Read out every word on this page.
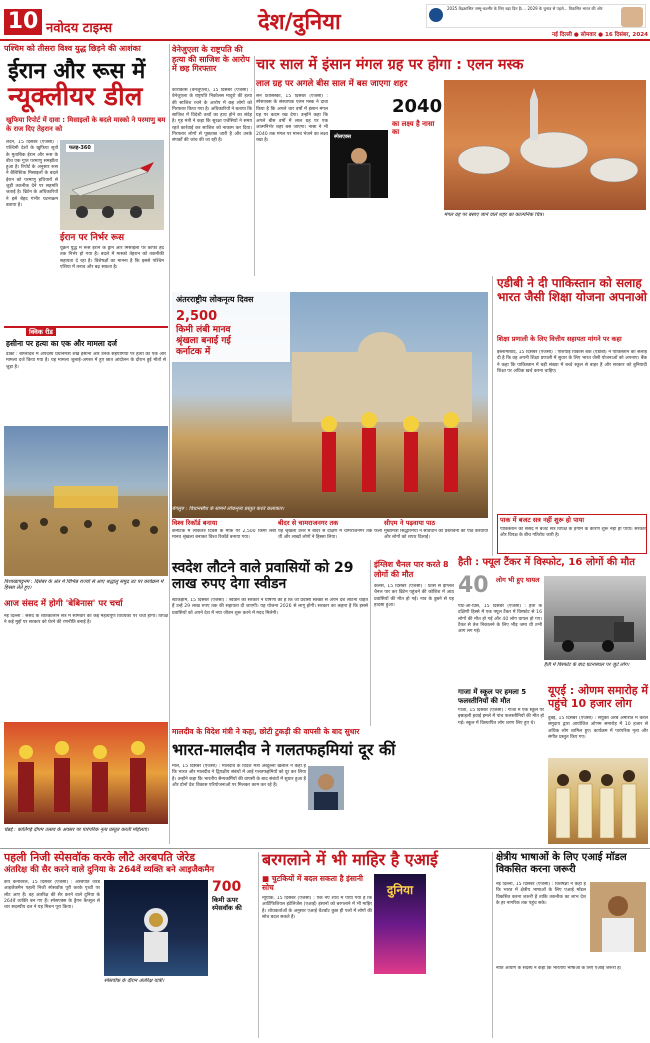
10 नवोदय टाइम्स	देश/दुनिया
2025 केंद्रशासित जम्मू-कश्मीर के लिए बड़ा दिन है।... 2029 के चुनाव से पहले... विकसित भारत की ओर
नई दिल्ली ● सोमवार ● 16 दिसंबर, 2024
पश्चिम को तीसरा विश्व युद्ध छिड़ने की आशंका
ईरान और रूस में
न्यूक्लीयर डील
खुफिया रिपोर्ट में दावा : मिसाइलों के बदले मास्को ने परमाणु बम के राज दिए तेहरान को
लंदन, 15 दिसंबर (एजेंसी) : पश्चिमी देशों के खुफिया सूत्रों के मुताबिक ईरान और रूस के बीच एक गुप्त परमाणु समझौता हुआ है। रिपोर्ट के अनुसार रूस ने बैलिस्टिक मिसाइलों के बदले ईरान को परमाणु हथियारों से जुड़ी तकनीक देने पर सहमति जताई है। ब्रिटेन के अधिकारियों ने इसे बेहद गंभीर घटनाक्रम बताया है।
फतह-360
ईरान पर निर्भर रूस
यूक्रेन युद्ध में रूस ईरान के ड्रोन और मिसाइलों पर काफी हद तक निर्भर हो गया है। बदले में मास्को तेहरान को तकनीकी सहायता दे रहा है। विशेषज्ञों का मानना है कि इससे पश्चिम एशिया में तनाव और बढ़ सकता है।
क्विक रीड
हसीना पर हत्या का एक और मामला दर्ज
ढाका : बांग्लादेश में अपदस्थ प्रधानमंत्री शेख हसीना और उनके सहयोगियों पर हत्या का एक और मामला दर्ज किया गया है। यह मामला जुलाई-अगस्त में हुए छात्र आंदोलन के दौरान हुई मौतों से जुड़ा है।
विशाखापट्टनम : दिसंबर के अंत में विभिन्न राज्यों से आए श्रद्धालु समुद्र तट पर कार्यक्रम में हिस्सा लेते हुए।
आज संसद में होगी 'बेबिनास' पर चर्चा
नई दिल्ली : संसद के शीतकालीन सत्र में सोमवार को कई महत्वपूर्ण विधेयकों पर चर्चा होगी। विपक्ष ने कई मुद्दों पर सरकार को घेरने की रणनीति बनाई है।
चेन्नई : कार्तिगई दीपम उत्सव के अवसर पर पारंपरिक नृत्य प्रस्तुत करती महिलाएं।
वेनेजुएला के राष्ट्रपति की हत्या की साजिश के आरोप में छह गिरफ्तार
काराकास (वेनेजुएला), 15 दिसंबर (एजेंसी) : वेनेजुएला के राष्ट्रपति निकोलस मादुरो की हत्या की साजिश रचने के आरोप में छह लोगों को गिरफ्तार किया गया है। अधिकारियों ने बताया कि साजिश में विदेशी तत्वों का हाथ होने का संदेह है। गृह मंत्री ने कहा कि सुरक्षा एजेंसियों ने समय रहते कार्रवाई कर साजिश को नाकाम कर दिया। गिरफ्तार लोगों से पूछताछ जारी है और उनके संपर्कों की जांच की जा रही है।
चार साल में इंसान मंगल ग्रह पर होगा : एलन मस्क
लाल ग्रह पर अगले बीस साल में बस जाएगा शहर
सैन फ्रांसिस्को, 15 दिसंबर (एजेंसी) : स्पेसएक्स के संस्थापक एलन मस्क ने दावा किया है कि अगले चार वर्षों में इंसान मंगल ग्रह पर कदम रख देगा। उन्होंने कहा कि अगले बीस वर्षों में लाल ग्रह पर एक आत्मनिर्भर शहर बस जाएगा। नासा ने भी 2040 तक मंगल पर मानव भेजने का लक्ष्य रखा है।
स्पेसएक्स
2040
का लक्ष्य है नासा का
मंगल ग्रह पर बसाए जाने वाले शहर का काल्पनिक चित्र।
अंतरराष्ट्रीय लोकनृत्य दिवस
2,500
किमी लंबी मानव
श्रृंखला बनाई गई
कर्नाटक में
बेंगलुरु : विधानसौध के सामने लोकनृत्य प्रस्तुत करते कलाकार।
विश्व रिकॉर्ड बनाया
कर्नाटक में लोकतंत्र दिवस के मौके पर 2,500 किमी लंबी मानव श्रृंखला बनाकर विश्व रिकॉर्ड बनाया गया।
बीदर से चामराजनगर तक
यह श्रृंखला उत्तर में बीदर से दक्षिण में चामराजनगर तक फैली थी और लाखों लोगों ने हिस्सा लिया।
सीएम ने पढ़वाया पाठ
मुख्यमंत्री सिद्धारमैया ने संविधान की प्रस्तावना का पाठ करवाया और लोगों को शपथ दिलाई।
एडीबी ने दी पाकिस्तान को सलाह भारत जैसी शिक्षा योजना अपनाओ
शिक्षा प्रणाली के लिए वित्तीय सहायता मांगने पर कहा
इस्लामाबाद, 15 दिसंबर (एजेंसी) : एशियाई विकास बैंक (एडीबी) ने पाकिस्तान को सलाह दी है कि वह अपनी शिक्षा प्रणाली में सुधार के लिए भारत जैसी योजनाओं को अपनाए। बैंक ने कहा कि पाकिस्तान में बड़ी संख्या में बच्चे स्कूल से बाहर हैं और सरकार को बुनियादी शिक्षा पर अधिक खर्च करना चाहिए।
पाक में बजट सत्र नहीं शुरू हो पाया
पाकिस्तान की संसद में बजट सत्र विपक्ष के हंगामे के कारण शुरू नहीं हो पाया। सरकार और विपक्ष के बीच गतिरोध जारी है।
स्वदेश लौटने वाले प्रवासियों को 29 लाख रुपए देगा स्वीडन
स्टॉकहोम, 15 दिसंबर (एजेंसी) : स्वीडन की सरकार ने घोषणा की है कि जो प्रवासी स्वेच्छा से अपने देश लौटना चाहते हैं उन्हें 29 लाख रुपए तक की सहायता दी जाएगी। यह योजना 2026 से लागू होगी। सरकार का कहना है कि इससे प्रवासियों को अपने देश में नया जीवन शुरू करने में मदद मिलेगी।
इंग्लिश चैनल पार करते 8 लोगों की मौत
कैलेस, 15 दिसंबर (एजेंसी) : फ्रांस से इंग्लिश चैनल पार कर ब्रिटेन पहुंचने की कोशिश में आठ प्रवासियों की मौत हो गई। नाव के डूबने से यह हादसा हुआ।
हैती : फ्यूल टैंकर में विस्फोट, 16 लोगों की मौत
40	लोग भी हुए घायल
पोर्ट-ओ-प्रिंस, 15 दिसंबर (एजेंसी) : हैती के दक्षिणी हिस्से में एक फ्यूल टैंकर में विस्फोट से 16 लोगों की मौत हो गई और 40 लोग घायल हो गए। टैंकर से तेल निकालने के लिए भीड़ जमा थी तभी आग लग गई।
हैती में विस्फोट के बाद घटनास्थल पर जुटे लोग।
गाजा में स्कूल पर हमला 5 फलस्तीनियों की मौत
गाजा, 15 दिसंबर (एजेंसी) : गाजा में एक स्कूल पर इस्राइली हवाई हमले में पांच फलस्तीनियों की मौत हो गई। स्कूल में विस्थापित लोग शरण लिए हुए थे।
मालदीव के विदेश मंत्री ने कहा, छोटी टुकड़ी की वापसी के बाद सुधार
भारत-मालदीव ने गलतफहमियां दूर कीं
माले, 15 दिसंबर (एजेंसी) : मालदीव के विदेश मंत्री अब्दुल्ला खलील ने कहा है कि भारत और मालदीव ने द्विपक्षीय संबंधों में आई गलतफहमियों को दूर कर लिया है। उन्होंने कहा कि भारतीय सैन्यकर्मियों की वापसी के बाद संबंधों में सुधार हुआ है और दोनों देश विकास परियोजनाओं पर मिलकर काम कर रहे हैं।
यूएई : ओणम समारोह में पहुंचे 10 हजार लोग
दुबई, 15 दिसंबर (एजेंसी) : संयुक्त अरब अमीरात में केरल समुदाय द्वारा आयोजित ओणम समारोह में 10 हजार से अधिक लोग शामिल हुए। कार्यक्रम में पारंपरिक नृत्य और संगीत प्रस्तुत किए गए।
पहली निजी स्पेसवॉक करके लौटे अरबपति जेरेड
अंतरिक्ष की सैर करने वाले दुनिया के 264वें व्यक्ति बने आइजैकमैन
केप कैनावेरल, 15 दिसंबर (एजेंसी) : अरबपति जेरेड आइजैकमैन पहली निजी स्पेसवॉक पूरी करके पृथ्वी पर लौट आए हैं। वह अंतरिक्ष की सैर करने वाले दुनिया के 264वें व्यक्ति बन गए हैं। स्पेसएक्स के ड्रैगन कैप्सूल से चार सदस्यीय दल ने यह मिशन पूरा किया।
स्पेसवॉक के दौरान अंतरिक्ष यात्री।
700
किमी ऊपर स्पेसवॉक की
बरगलाने में भी माहिर है एआई
■ चुटकियों में बदल सकता है इंसानी सोच
न्यूयॉर्क, 15 दिसंबर (एजेंसी) : एक नए शोध में पाया गया है कि आर्टिफिशियल इंटेलिजेंस (एआई) इंसानों को बरगलाने में भी माहिर है। शोधकर्ताओं के अनुसार एआई चैटबॉट कुछ ही पलों में लोगों की सोच बदल सकते हैं।
दुनिया
क्षेत्रीय भाषाओं के लिए एआई मॉडल विकसित करना जरूरी
नई दिल्ली, 15 दिसंबर (एजेंसी) : विशेषज्ञों ने कहा है कि भारत में क्षेत्रीय भाषाओं के लिए एआई मॉडल विकसित करना जरूरी है ताकि तकनीक का लाभ देश के हर नागरिक तक पहुंच सके।
नीति आयोग के सदस्य ने कहा कि भारतीय भाषाओं के लिए एआई जरूरी है।
